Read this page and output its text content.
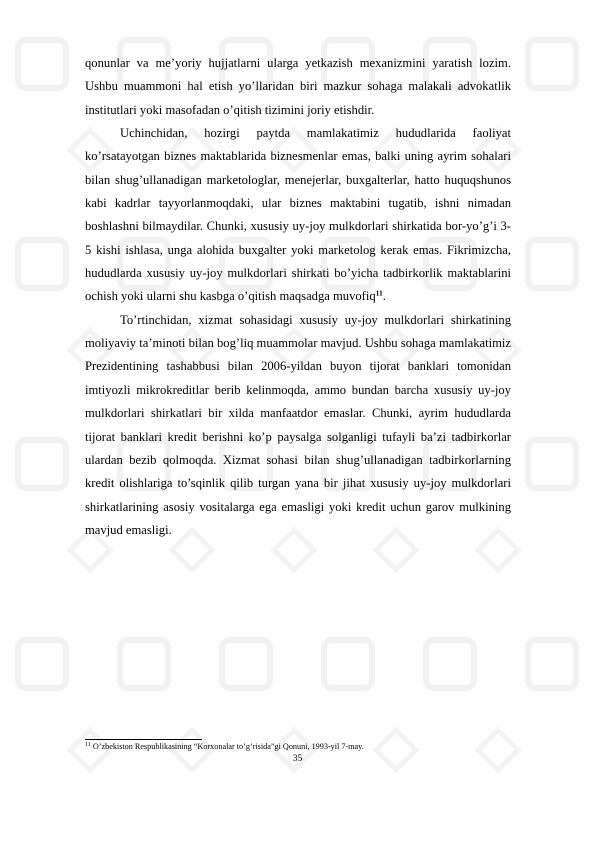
qonunlar va me’yoriy hujjatlarni ularga yetkazish mexanizmini yaratish lozim. Ushbu muammoni hal etish yo’llaridan biri mazkur sohaga malakali advokatlik institutlari yoki masofadan o’qitish tizimini joriy etishdir.

Uchinchidan, hozirgi paytda mamlakatimiz hududlarida faoliyat ko’rsatayotgan biznes maktablarida biznesmenlar emas, balki uning ayrim sohalari bilan shug’ullanadigan marketologlar, menejerlar, buxgalterlar, hatto huquqshunos kabi kadrlar tayyorlanmoqdaki, ular biznes maktabini tugatib, ishni nimadan boshlashni bilmaydilar. Chunki, xususiy uy-joy mulkdorlari shirkatida bor-yo’g’i 3-5 kishi ishlasa, unga alohida buxgalter yoki marketolog kerak emas. Fikrimizcha, hududlarda xususiy uy-joy mulkdorlari shirkati bo’yicha tadbirkorlik maktablarini ochish yoki ularni shu kasbga o’qitish maqsadga muvofiq$^{11}$.

To’rtinchidan, xizmat sohasidagi xususiy uy-joy mulkdorlari shirkatining moliyaviy ta’minoti bilan bog’liq muammolar mavjud. Ushbu sohaga mamlakatimiz Prezidentining tashabbusi bilan 2006-yildan buyon tijorat banklari tomonidan imtiyozli mikrokreditlar berib kelinmoqda, ammo bundan barcha xususiy uy-joy mulkdorlari shirkatlari bir xilda manfaatdor emaslar. Chunki, ayrim hududlarda tijorat banklari kredit berishni ko’p paysalga solganligi tufayli ba’zi tadbirkorlar ulardan bezib qolmoqda. Xizmat sohasi bilan shug’ullanadigan tadbirkorlarning kredit olishlariga to’sqinlik qilib turgan yana bir jihat xususiy uy-joy mulkdorlari shirkatlarining asosiy vositalarga ega emasligi yoki kredit uchun garov mulkining mavjud emasligi.

$^{11}$ O’zbekiston Respublikasining “Korxonalar to’g’risida”gi Qonuni, 1993-yil 7-may.
35
